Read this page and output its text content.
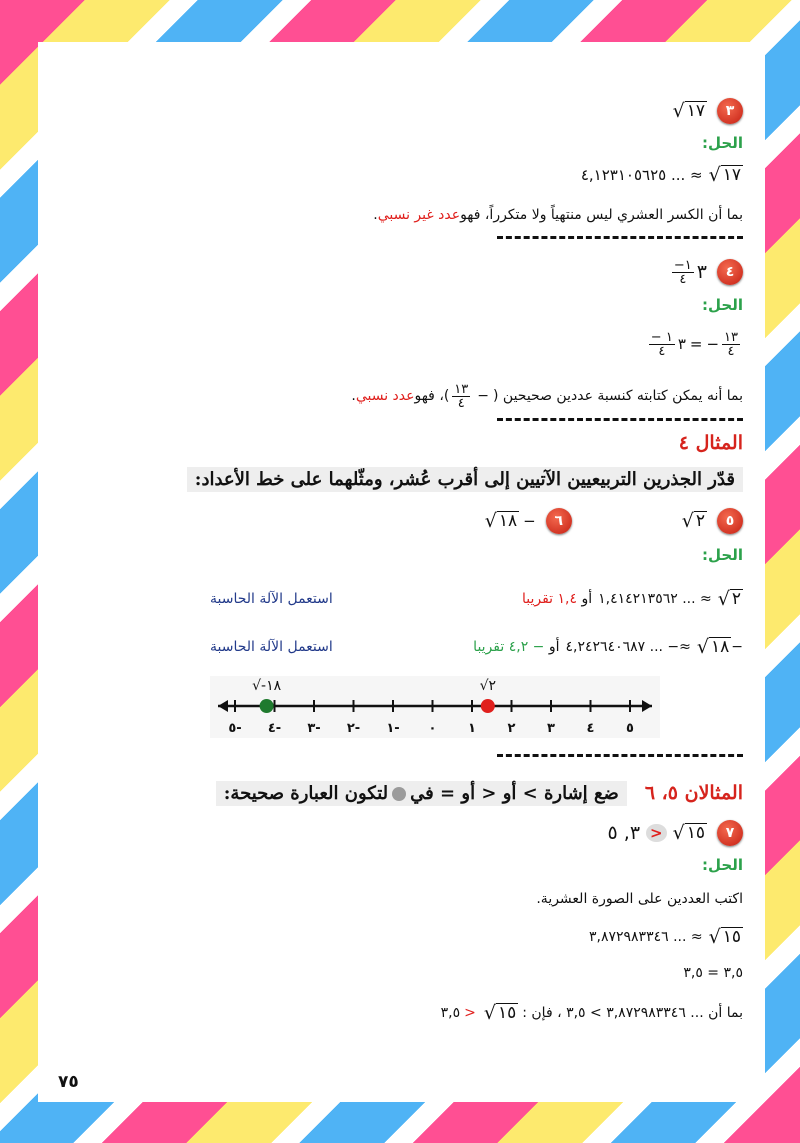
٣
١٧
√
الحل:
١٧
√
≈ ... ٤,١٢٣١٠٥٦٢٥
بما أن الكسر العشري ليس منتهياً ولا متكرراً، فهو
عدد غير نسبي
.
٤
٣
$\frac{١-}{٤}$
الحل:
$\frac{١٣}{٤}$
−
=
٣
$\frac{١ -}{٤}$
بما أنه يمكن كتابته كنسبة عددين صحيحين (
−
$\frac{١٣}{٤}$
)، فهو
عدد

نسبي
.
المثال ٤
قدّر الجذرين التربيعيين الآتيين إلى أقرب عُشر، ومثّلهما على خط الأعداد:
٥
٢
√
٦
−
١٨
√
الحل:
٢
√
≈ ... ١,٤١٤٢١٣٥٦٢
أو

١,٤ تقريبا
استعمل الآلة الحاسبة
−
١٨
√
≈− ... ٤,٢٤٢٦٤٠٦٨٧
أو

− ٤,٢ تقريبا
استعمل الآلة الحاسبة
٥- ٤- ٣- ٢- ١- ٠ ١ ٢ ٣ ٤ ٥
√-١٨	√٢
المثالان ٥، ٦
ضع إشارة > أو < أو = فيلتكون العبارة صحيحة:
٧
١٥
√
<
٣, ٥
الحل:
اكتب العددين على الصورة العشرية.
١٥
√
≈ ... ٣,٨٧٢٩٨٣٣٤٦
٣,٥ = ٣,٥
بما أن ... ٣,٨٧٢٩٨٣٣٤٦ > ٣,٥ ، فإن :
١٥
√
<
٣,٥
٧٥
